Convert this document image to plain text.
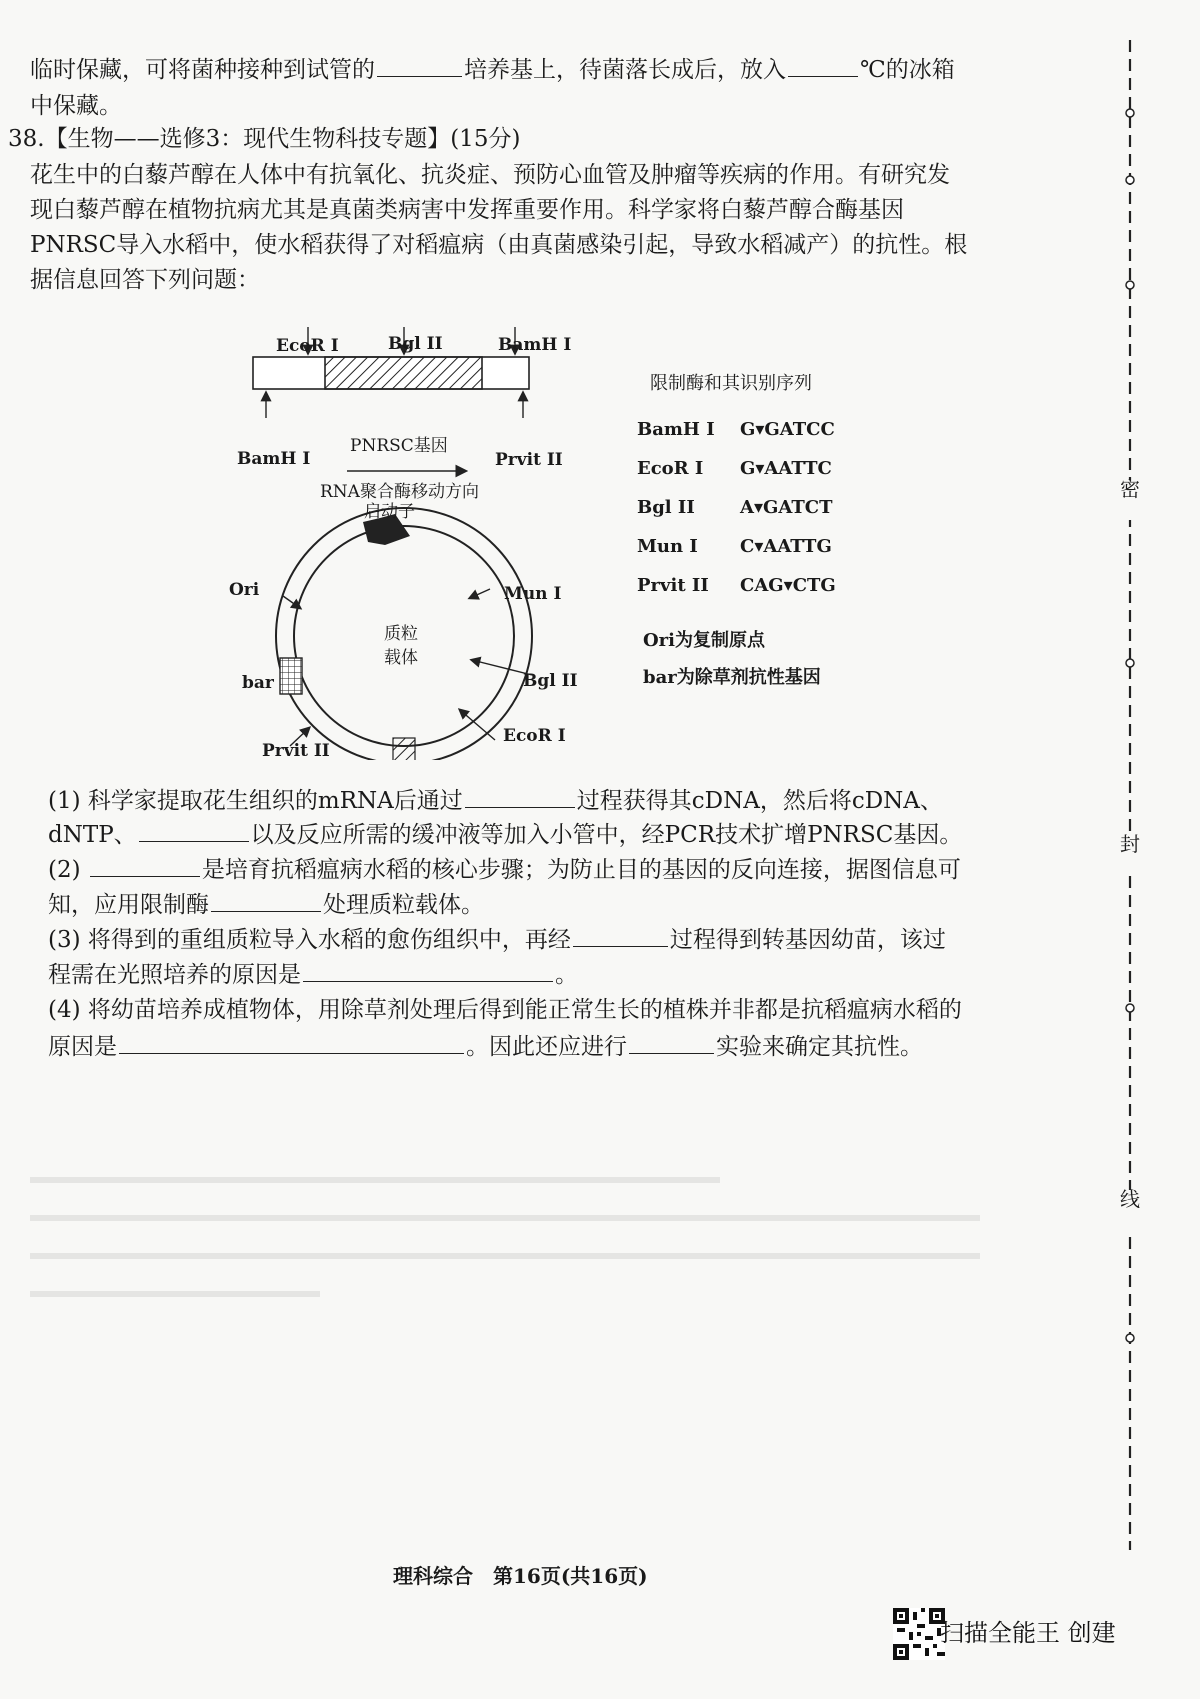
临时保藏，可将菌种接种到试管的	培养基上，待菌落长成后，放入	℃的冰箱
中保藏。
38.【生物——选修3：现代生物科技专题】(15分)
花生中的白藜芦醇在人体中有抗氧化、抗炎症、预防心血管及肿瘤等疾病的作用。有研究发
现白藜芦醇在植物抗病尤其是真菌类病害中发挥重要作用。科学家将白藜芦醇合酶基因
PNRSC导入水稻中，使水稻获得了对稻瘟病（由真菌感染引起，导致水稻减产）的抗性。根
据信息回答下列问题：
EcoR I	Bgl II	BamH I
BamH I
PNRSC基因
Prvit II
RNA聚合酶移动方向
启动子
质粒
载体
Ori	Mun I
Bgl II
bar
EcoR I
Prvit II
限制酶和其识别序列
BamH I G▾GATCC
EcoR I G▾AATTC
Bgl II	A▾GATCT
Mun I C▾AATTG
Prvit II CAG▾CTG
Ori为复制原点
bar为除草剂抗性基因
(1) 科学家提取花生组织的mRNA后通过	过程获得其cDNA，然后将cDNA、
dNTP、	以及反应所需的缓冲液等加入小管中，经PCR技术扩增PNRSC基因。
(2)	是培育抗稻瘟病水稻的核心步骤；为防止目的基因的反向连接，据图信息可
知，应用限制酶	处理质粒载体。
(3) 将得到的重组质粒导入水稻的愈伤组织中，再经	过程得到转基因幼苗，该过
程需在光照培养的原因是	。
(4) 将幼苗培养成植物体，用除草剂处理后得到能正常生长的植株并非都是抗稻瘟病水稻的
原因是	。因此还应进行	实验来确定其抗性。
密
封
线
理科综合　第16页(共16页)
扫描全能王 创建
